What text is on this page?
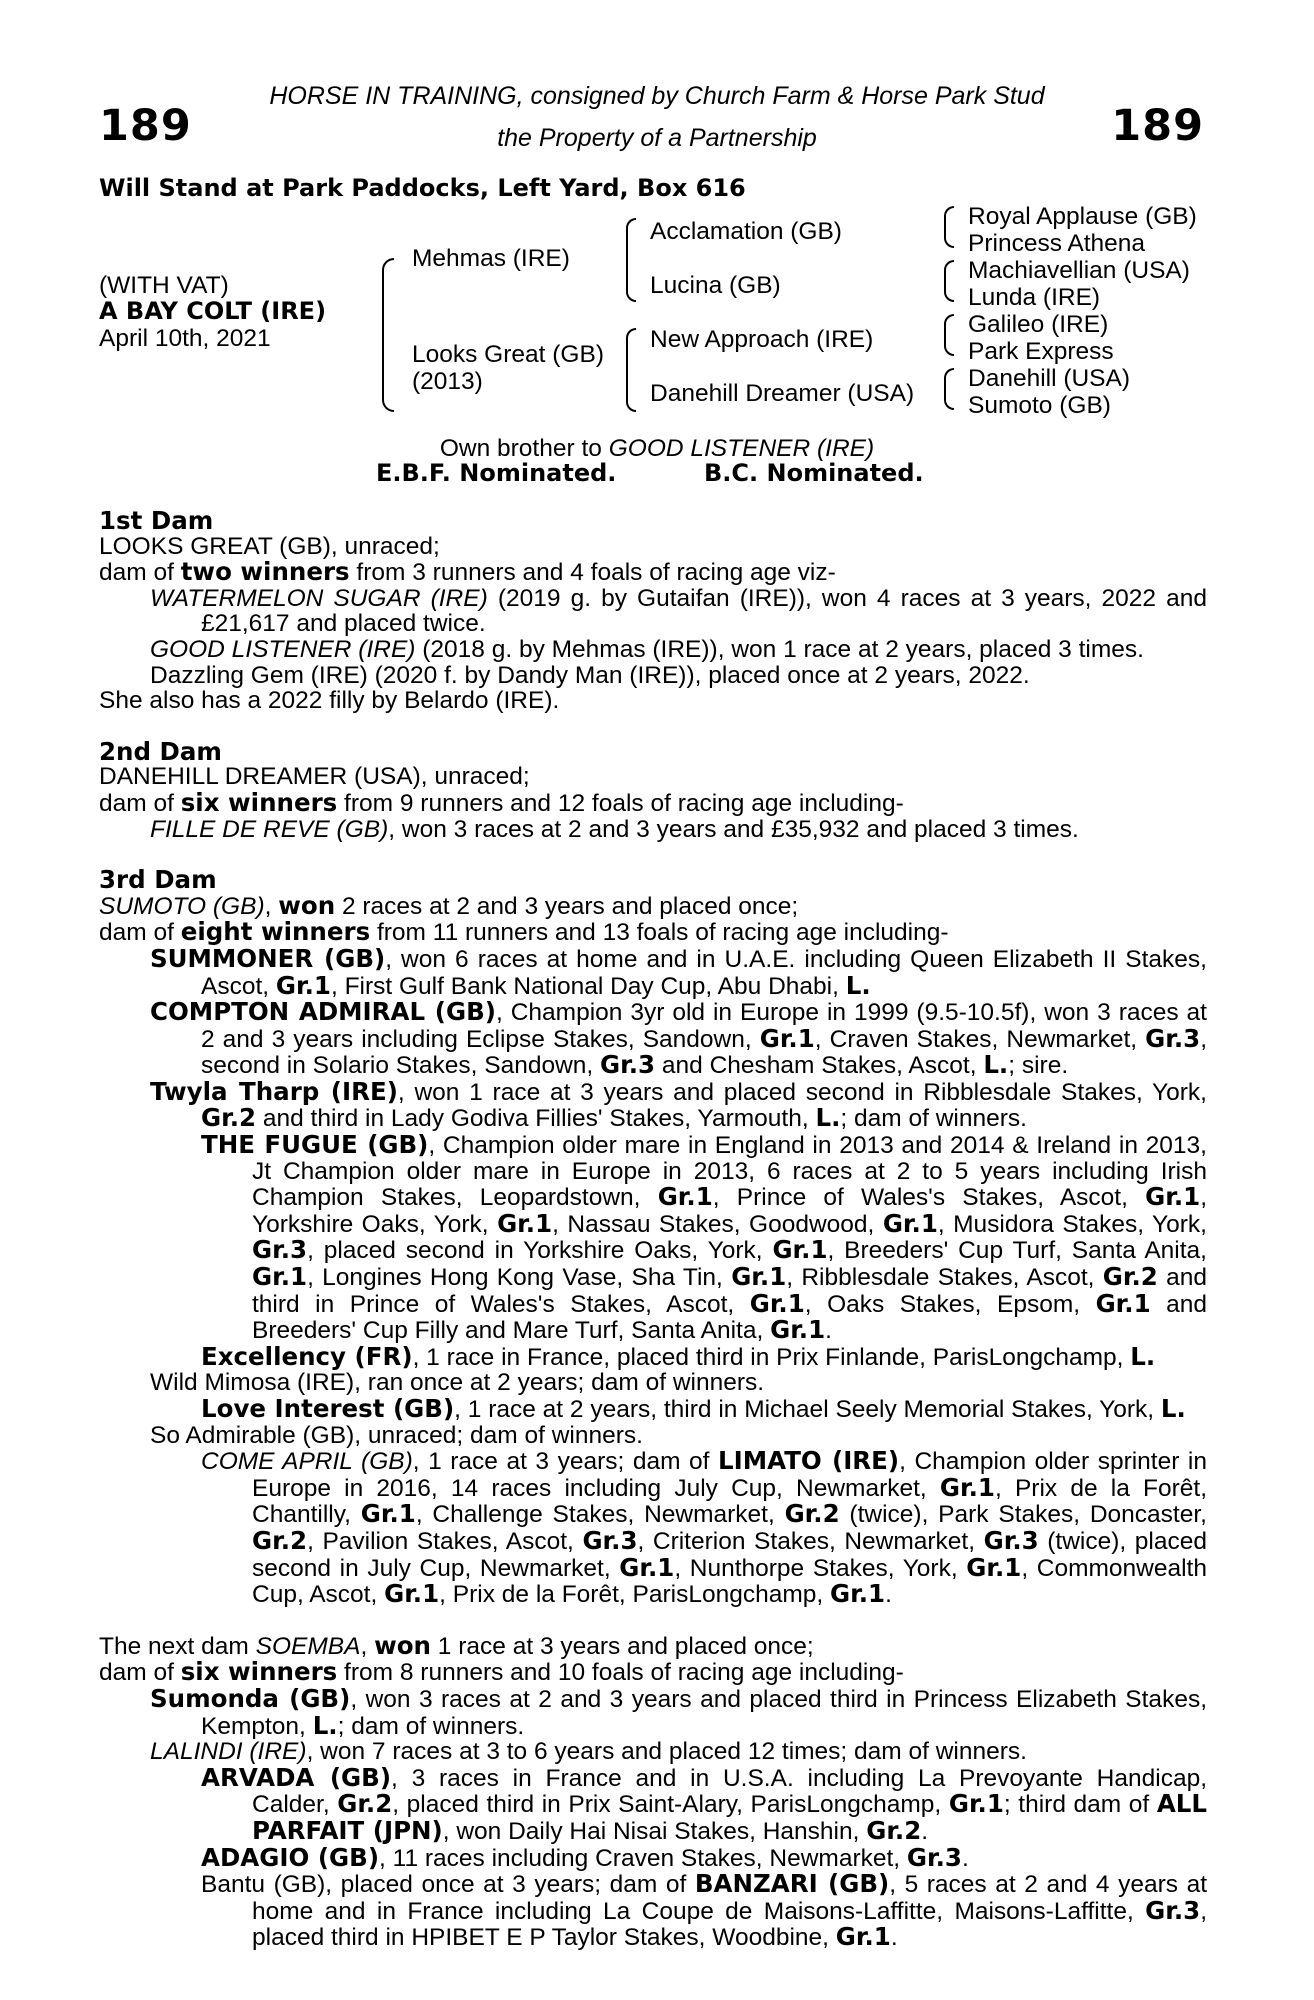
HORSE IN TRAINING, consigned by Church Farm & Horse Park Stud
189	the Property of a Partnership	189
Will Stand at Park Paddocks, Left Yard, Box 616
(WITH VAT)
A BAY COLT (IRE)
April 10th, 2021
Mehmas (IRE)
Looks Great (GB)
(2013)
Acclamation (GB)
Lucina (GB)
New Approach (IRE)
Danehill Dreamer (USA)
Royal Applause (GB)
Princess Athena
Machiavellian (USA)
Lunda (IRE)
Galileo (IRE)
Park Express
Danehill (USA)
Sumoto (GB)
Own brother to GOOD LISTENER (IRE)
E.B.F. Nominated.	B.C. Nominated.
1st Dam
LOOKS GREAT (GB), unraced;
dam of two winners from 3 runners and 4 foals of racing age viz-
WATERMELON SUGAR (IRE) (2019 g. by Gutaifan (IRE)), won 4 races at 3 years, 2022 and £21,617 and placed twice.
GOOD LISTENER (IRE) (2018 g. by Mehmas (IRE)), won 1 race at 2 years, placed 3 times.
Dazzling Gem (IRE) (2020 f. by Dandy Man (IRE)), placed once at 2 years, 2022.
She also has a 2022 filly by Belardo (IRE).
2nd Dam
DANEHILL DREAMER (USA), unraced;
dam of six winners from 9 runners and 12 foals of racing age including-
FILLE DE REVE (GB), won 3 races at 2 and 3 years and £35,932 and placed 3 times.
3rd Dam
SUMOTO (GB), won 2 races at 2 and 3 years and placed once;
dam of eight winners from 11 runners and 13 foals of racing age including-
SUMMONER (GB), won 6 races at home and in U.A.E. including Queen Elizabeth II Stakes, Ascot, Gr.1, First Gulf Bank National Day Cup, Abu Dhabi, L.
COMPTON ADMIRAL (GB), Champion 3yr old in Europe in 1999 (9.5-10.5f), won 3 races at 2 and 3 years including Eclipse Stakes, Sandown, Gr.1, Craven Stakes, Newmarket, Gr.3, second in Solario Stakes, Sandown, Gr.3 and Chesham Stakes, Ascot, L.; sire.
Twyla Tharp (IRE), won 1 race at 3 years and placed second in Ribblesdale Stakes, York, Gr.2 and third in Lady Godiva Fillies' Stakes, Yarmouth, L.; dam of winners.
THE FUGUE (GB), Champion older mare in England in 2013 and 2014 & Ireland in 2013, Jt Champion older mare in Europe in 2013, 6 races at 2 to 5 years including Irish Champion Stakes, Leopardstown, Gr.1, Prince of Wales's Stakes, Ascot, Gr.1, Yorkshire Oaks, York, Gr.1, Nassau Stakes, Goodwood, Gr.1, Musidora Stakes, York, Gr.3, placed second in Yorkshire Oaks, York, Gr.1, Breeders' Cup Turf, Santa Anita, Gr.1, Longines Hong Kong Vase, Sha Tin, Gr.1, Ribblesdale Stakes, Ascot, Gr.2 and third in Prince of Wales's Stakes, Ascot, Gr.1, Oaks Stakes, Epsom, Gr.1 and Breeders' Cup Filly and Mare Turf, Santa Anita, Gr.1.
Excellency (FR), 1 race in France, placed third in Prix Finlande, ParisLongchamp, L.
Wild Mimosa (IRE), ran once at 2 years; dam of winners.
Love Interest (GB), 1 race at 2 years, third in Michael Seely Memorial Stakes, York, L.
So Admirable (GB), unraced; dam of winners.
COME APRIL (GB), 1 race at 3 years; dam of LIMATO (IRE), Champion older sprinter in Europe in 2016, 14 races including July Cup, Newmarket, Gr.1, Prix de la Forêt, Chantilly, Gr.1, Challenge Stakes, Newmarket, Gr.2 (twice), Park Stakes, Doncaster, Gr.2, Pavilion Stakes, Ascot, Gr.3, Criterion Stakes, Newmarket, Gr.3 (twice), placed second in July Cup, Newmarket, Gr.1, Nunthorpe Stakes, York, Gr.1, Commonwealth Cup, Ascot, Gr.1, Prix de la Forêt, ParisLongchamp, Gr.1.
The next dam SOEMBA, won 1 race at 3 years and placed once;
dam of six winners from 8 runners and 10 foals of racing age including-
Sumonda (GB), won 3 races at 2 and 3 years and placed third in Princess Elizabeth Stakes, Kempton, L.; dam of winners.
LALINDI (IRE), won 7 races at 3 to 6 years and placed 12 times; dam of winners.
ARVADA (GB), 3 races in France and in U.S.A. including La Prevoyante Handicap, Calder, Gr.2, placed third in Prix Saint-Alary, ParisLongchamp, Gr.1; third dam of ALL PARFAIT (JPN), won Daily Hai Nisai Stakes, Hanshin, Gr.2.
ADAGIO (GB), 11 races including Craven Stakes, Newmarket, Gr.3.
Bantu (GB), placed once at 3 years; dam of BANZARI (GB), 5 races at 2 and 4 years at home and in France including La Coupe de Maisons-Laffitte, Maisons-Laffitte, Gr.3, placed third in HPIBET E P Taylor Stakes, Woodbine, Gr.1.
